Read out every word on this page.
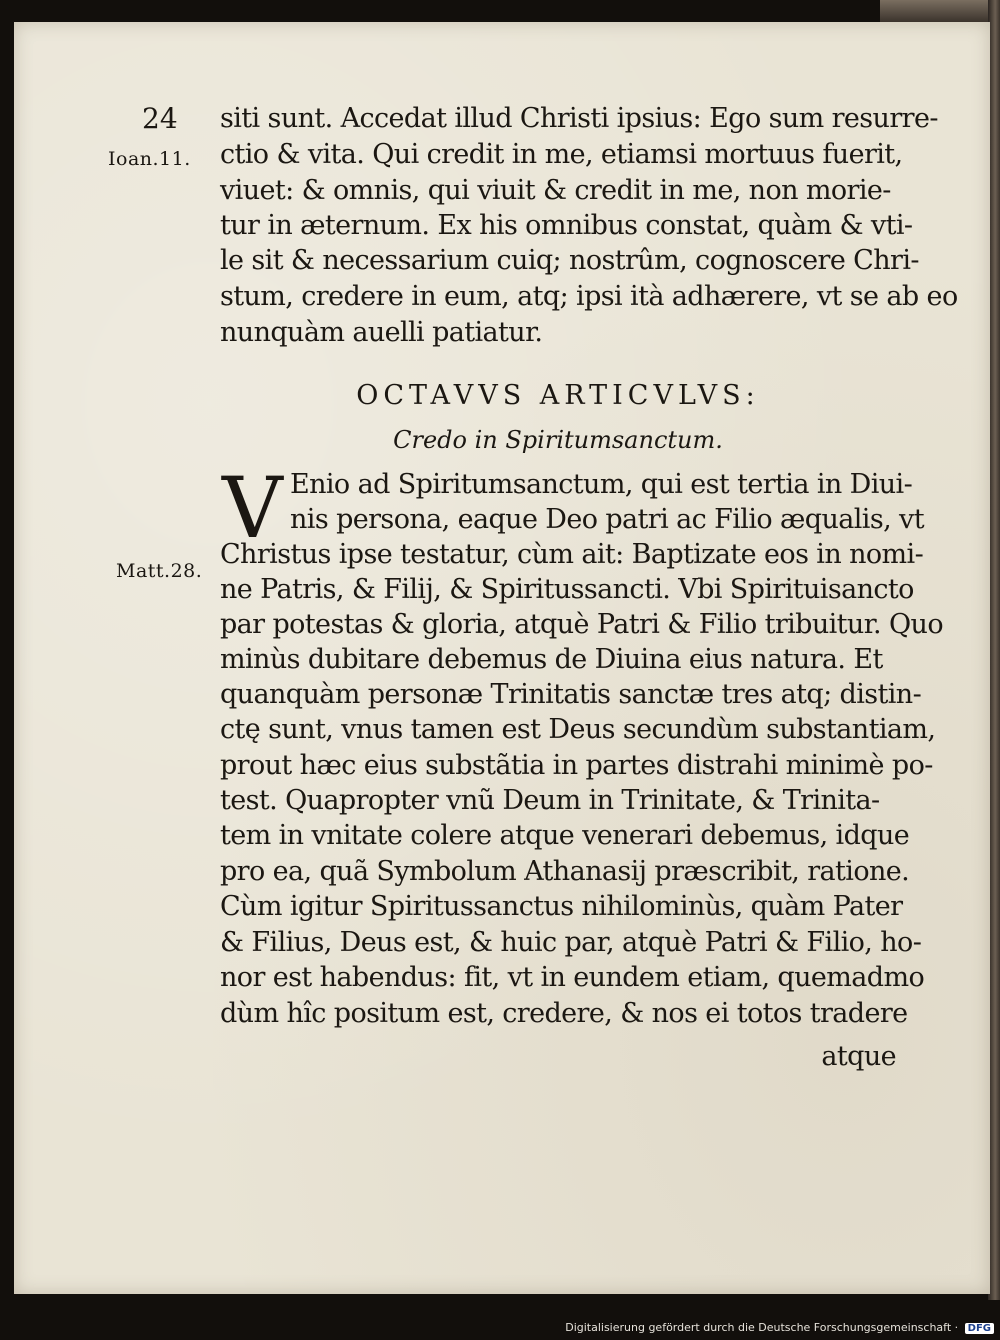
24
Ioan.11.
Matt.28.
siti sunt. Accedat illud Christi ipsius: Ego sum resurre-
ctio & vita. Qui credit in me, etiamsi mortuus fuerit,
viuet: & omnis, qui viuit & credit in me, non morie-
tur in æternum. Ex his omnibus constat, quàm & vti-
le sit & necessarium cuiq; nostrûm, cognoscere Chri-
stum, credere in eum, atq; ipsi ità adhærere, vt se ab eo
nunquàm auelli patiatur.
OCTAVVS ARTICVLVS:
Credo in Spiritumsanctum.
V Enio ad Spiritumsanctum, qui est tertia in Diui-
nis persona, eaque Deo patri ac Filio æqualis, vt
Christus ipse testatur, cùm ait: Baptizate eos in nomi-
ne Patris, & Filij, & Spiritussancti. Vbi Spirituisancto
par potestas & gloria, atquè Patri & Filio tribuitur. Quo
minùs dubitare debemus de Diuina eius natura. Et
quanquàm personæ Trinitatis sanctæ tres atq; distin-
ctę sunt, vnus tamen est Deus secundùm substantiam,
prout hæc eius substãtia in partes distrahi minimè po-
test. Quapropter vnũ Deum in Trinitate, & Trinita-
tem in vnitate colere atque venerari debemus, idque
pro ea, quã Symbolum Athanasij præscribit, ratione.
Cùm igitur Spiritussanctus nihilominùs, quàm Pater
& Filius, Deus est, & huic par, atquè Patri & Filio, ho-
nor est habendus: fit, vt in eundem etiam, quemadmo
dùm hîc positum est, credere, & nos ei totos tradere
atque
Digitalisierung gefördert durch die Deutsche Forschungsgemeinschaft · DFG
